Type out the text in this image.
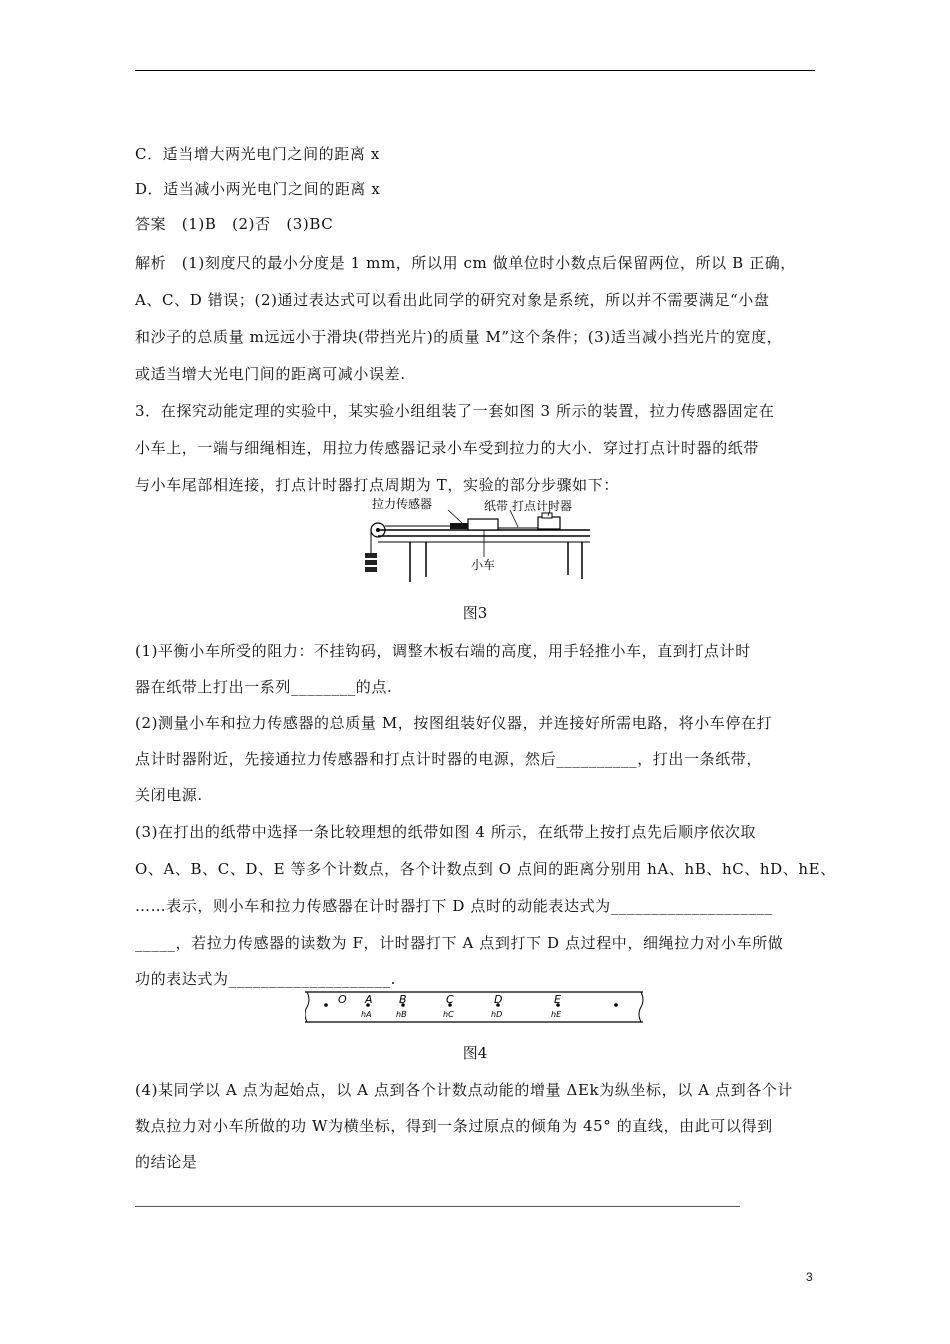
C．适当增大两光电门之间的距离 x
D．适当减小两光电门之间的距离 x
答案　(1)B　(2)否　(3)BC
解析　(1)刻度尺的最小分度是 1 mm，所以用 cm 做单位时小数点后保留两位，所以 B 正确，
A、C、D 错误；(2)通过表达式可以看出此同学的研究对象是系统，所以并不需要满足“小盘
和沙子的总质量 m远远小于滑块(带挡光片)的质量 M”这个条件；(3)适当减小挡光片的宽度，
或适当增大光电门间的距离可减小误差.
3．在探究动能定理的实验中，某实验小组组装了一套如图 3 所示的装置，拉力传感器固定在
小车上，一端与细绳相连，用拉力传感器记录小车受到拉力的大小．穿过打点计时器的纸带
与小车尾部相连接，打点计时器打点周期为 T，实验的部分步骤如下：
拉力传感器	纸带 打点计时器
小车
图3
(1)平衡小车所受的阻力：不挂钩码，调整木板右端的高度，用手轻推小车，直到打点计时
器在纸带上打出一系列________的点.
(2)测量小车和拉力传感器的总质量 M，按图组装好仪器，并连接好所需电路，将小车停在打
点计时器附近，先接通拉力传感器和打点计时器的电源，然后__________，打出一条纸带，
关闭电源.
(3)在打出的纸带中选择一条比较理想的纸带如图 4 所示，在纸带上按打点先后顺序依次取
O、A、B、C、D、E 等多个计数点，各个计数点到 O 点间的距离分别用 hA、hB、hC、hD、hE、
……表示，则小车和拉力传感器在计时器打下 D 点时的动能表达式为____________________
_____，若拉力传感器的读数为 F，计时器打下 A 点到打下 D 点过程中，细绳拉力对小车所做
功的表达式为____________________.
O A B	C	D	E
hA	hB	hC	hD	hE
图4
(4)某同学以 A 点为起始点，以 A 点到各个计数点动能的增量 ΔEk为纵坐标，以 A 点到各个计
数点拉力对小车所做的功 W为横坐标，得到一条过原点的倾角为 45° 的直线，由此可以得到
的结论是
3
